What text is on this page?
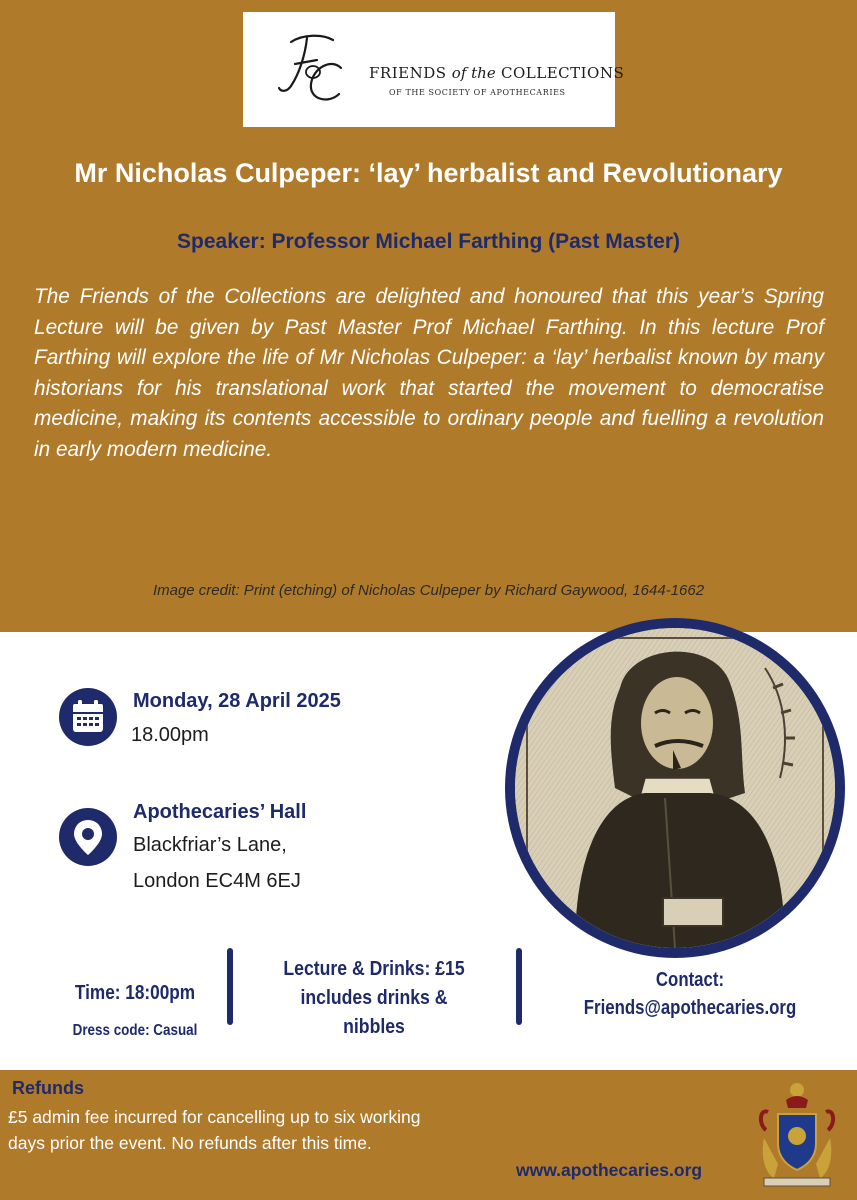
FRIENDS of the COLLECTIONS
OF THE SOCIETY OF APOTHECARIES
Mr Nicholas Culpeper: ‘lay’ herbalist and Revolutionary
Speaker: Professor Michael Farthing (Past Master)
The Friends of the Collections are delighted and honoured that this year’s Spring Lecture will be given by Past Master Prof Michael Farthing. In this lecture Prof Farthing will explore the life of Mr Nicholas Culpeper: a ‘lay’ herbalist known by many historians for his translational work that started the movement to democratise medicine, making its contents accessible to ordinary people and fuelling a revolution in early modern medicine.
Image credit: Print (etching) of Nicholas Culpeper by Richard Gaywood, 1644-1662
Monday, 28 April 2025
18.00pm
Apothecaries’ Hall
Blackfriar’s Lane,
London EC4M 6EJ
Time: 18:00pm
Dress code: Casual
Lecture & Drinks: £15
includes drinks &
nibbles
Contact:
Friends@apothecaries.org
Refunds
£5 admin fee incurred for cancelling up to six working days prior the event. No refunds after this time.
www.apothecaries.org
